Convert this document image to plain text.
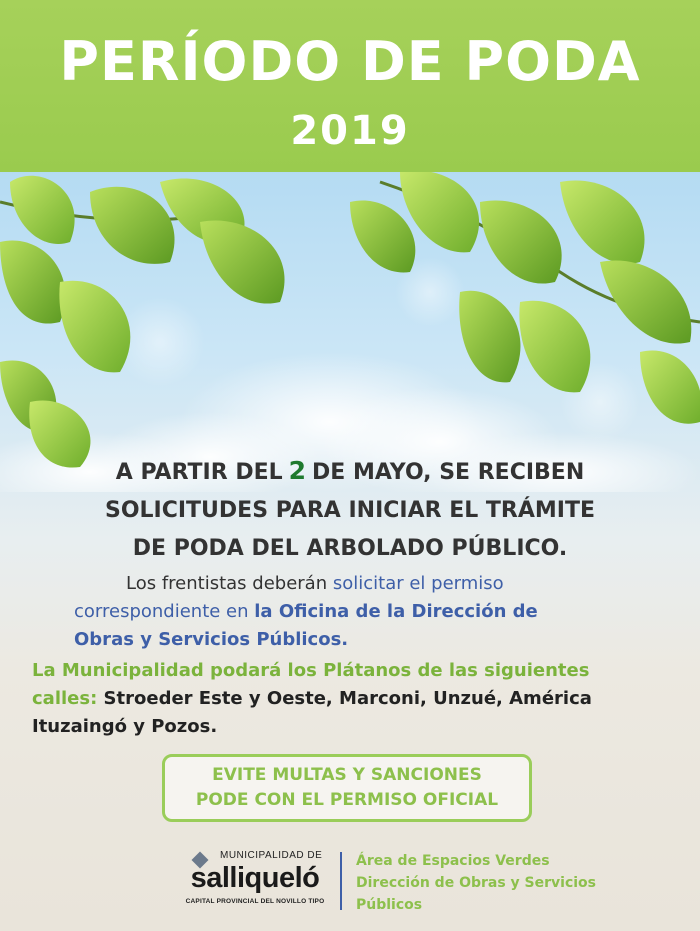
PERÍODO DE PODA
2019
A PARTIR DEL 2 DE MAYO, SE RECIBEN
SOLICITUDES PARA INICIAR EL TRÁMITE
DE PODA DEL ARBOLADO PÚBLICO.
Los frentistas deberán solicitar el permiso
correspondiente en la Oficina de la Dirección de
Obras y Servicios Públicos.
La Municipalidad podará los Plátanos de las siguientes
calles: Stroeder Este y Oeste, Marconi, Unzué, América
Ituzaingó y Pozos.
EVITE MULTAS Y SANCIONES
PODE CON EL PERMISO OFICIAL
MUNICIPALIDAD DE
salliqueló
CAPITAL PROVINCIAL DEL NOVILLO TIPO
Área de Espacios Verdes
Dirección de Obras y Servicios
Públicos
